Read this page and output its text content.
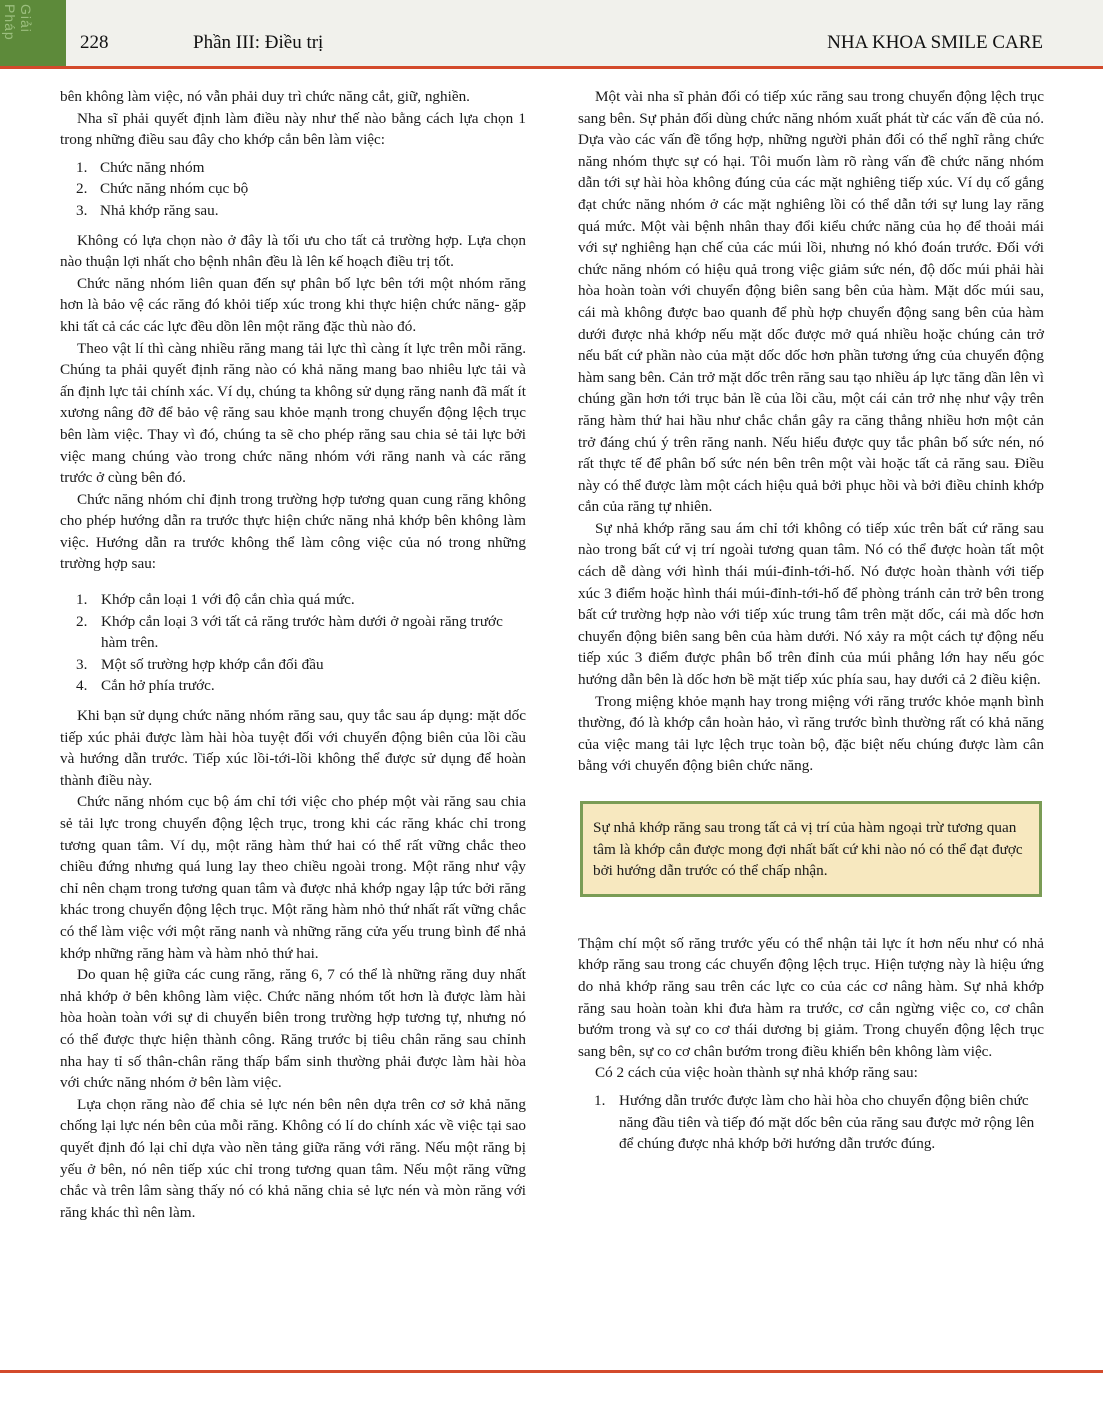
Giải Pháp
228	Phần III: Điều trị	NHA KHOA SMILE CARE

bên không làm việc, nó vẫn phải duy trì chức năng cắt, giữ, nghiền.

Nha sĩ phải quyết định làm điều này như thế nào bằng cách lựa chọn 1 trong những điều sau đây cho khớp cắn bên làm việc:

1. Chức năng nhóm
2. Chức năng nhóm cục bộ
3. Nhả khớp răng sau.

Không có lựa chọn nào ở đây là tối ưu cho tất cả trường hợp. Lựa chọn nào thuận lợi nhất cho bệnh nhân đều là lên kế hoạch điều trị tốt.

Chức năng nhóm liên quan đến sự phân bố lực bên tới một nhóm răng hơn là bảo vệ các răng đó khỏi tiếp xúc trong khi thực hiện chức năng- gặp khi tất cả các các lực đều dồn lên một răng đặc thù nào đó.

Theo vật lí thì càng nhiều răng mang tải lực thì càng ít lực trên mỗi răng. Chúng ta phải quyết định răng nào có khả năng mang bao nhiêu lực tải và ấn định lực tải chính xác. Ví dụ, chúng ta không sử dụng răng nanh đã mất ít xương nâng đỡ để bảo vệ răng sau khỏe mạnh trong chuyển động lệch trục bên làm việc. Thay vì đó, chúng ta sẽ cho phép răng sau chia sẻ tải lực bởi việc mang chúng vào trong chức năng nhóm với răng nanh và các răng trước ở cùng bên đó.

Chức năng nhóm chỉ định trong trường hợp tương quan cung răng không cho phép hướng dẫn ra trước thực hiện chức năng nhả khớp bên không làm việc. Hướng dẫn ra trước không thể làm công việc của nó trong những trường hợp sau:

1. Khớp cắn loại 1 với độ cắn chìa quá mức.
2. Khớp cắn loại 3 với tất cả răng trước hàm dưới ở ngoài răng trước hàm trên.
3. Một số trường hợp khớp cắn đối đầu
4. Cắn hở phía trước.

Khi bạn sử dụng chức năng nhóm răng sau, quy tắc sau áp dụng: mặt dốc tiếp xúc phải được làm hài hòa tuyệt đối với chuyển động biên của lồi cầu và hướng dẫn trước. Tiếp xúc lồi-tới-lồi không thể được sử dụng để hoàn thành điều này.

Chức năng nhóm cục bộ ám chỉ tới việc cho phép một vài răng sau chia sẻ tải lực trong chuyển động lệch trục, trong khi các răng khác chỉ trong tương quan tâm. Ví dụ, một răng hàm thứ hai có thể rất vững chắc theo chiều đứng nhưng quá lung lay theo chiều ngoài trong. Một răng như vậy chỉ nên chạm trong tương quan tâm và được nhả khớp ngay lập tức bởi răng khác trong chuyển động lệch trục. Một răng hàm nhỏ thứ nhất rất vững chắc có thể làm việc với một răng nanh và những răng cửa yếu trung bình để nhả khớp những răng hàm và hàm nhỏ thứ hai.

Do quan hệ giữa các cung răng, răng 6, 7 có thể là những răng duy nhất nhả khớp ở bên không làm việc. Chức năng nhóm tốt hơn là được làm hài hòa hoàn toàn với sự di chuyển biên trong trường hợp tương tự, nhưng nó có thể được thực hiện thành công. Răng trước bị tiêu chân răng sau chỉnh nha hay tỉ số thân-chân răng thấp bẩm sinh thường phải được làm hài hòa với chức năng nhóm ở bên làm việc.

Lựa chọn răng nào để chia sẻ lực nén bên nên dựa trên cơ sở khả năng chống lại lực nén bên của mỗi răng. Không có lí do chính xác về việc tại sao quyết định đó lại chỉ dựa vào nền tảng giữa răng với răng. Nếu một răng bị yếu ở bên, nó nên tiếp xúc chỉ trong tương quan tâm. Nếu một răng vững chắc và trên lâm sàng thấy nó có khả năng chia sẻ lực nén và mòn răng với răng khác thì nên làm.

Một vài nha sĩ phản đối có tiếp xúc răng sau trong chuyển động lệch trục sang bên. Sự phản đối dùng chức năng nhóm xuất phát từ các vấn đề của nó. Dựa vào các vấn đề tổng hợp, những người phản đối có thể nghĩ rằng chức năng nhóm thực sự có hại. Tôi muốn làm rõ ràng vấn đề chức năng nhóm dẫn tới sự hài hòa không đúng của các mặt nghiêng tiếp xúc. Ví dụ cố gắng đạt chức năng nhóm ở các mặt nghiêng lồi có thể dẫn tới sự lung lay răng quá mức. Một vài bệnh nhân thay đổi kiểu chức năng của họ để thoải mái với sự nghiêng hạn chế của các múi lồi, nhưng nó khó đoán trước. Đối với chức năng nhóm có hiệu quả trong việc giảm sức nén, độ dốc múi phải hài hòa hoàn toàn với chuyển động biên sang bên của hàm. Mặt dốc múi sau, cái mà không được bao quanh để phù hợp chuyển động sang bên của hàm dưới được nhả khớp nếu mặt dốc được mở quá nhiều hoặc chúng cản trở nếu bất cứ phần nào của mặt dốc dốc hơn phần tương ứng của chuyển động hàm sang bên. Cản trở mặt dốc trên răng sau tạo nhiều áp lực tăng dần lên vì chúng gần hơn tới trục bản lề của lồi cầu, một cái cản trở nhẹ như vậy trên răng hàm thứ hai hầu như chắc chắn gây ra căng thẳng nhiều hơn một cản trở đáng chú ý trên răng nanh. Nếu hiểu được quy tắc phân bố sức nén, nó rất thực tế để phân bố sức nén bên trên một vài hoặc tất cả răng sau. Điều này có thể được làm một cách hiệu quả bởi phục hồi và bởi điều chỉnh khớp cắn của răng tự nhiên.

Sự nhả khớp răng sau ám chỉ tới không có tiếp xúc trên bất cứ răng sau nào trong bất cứ vị trí ngoài tương quan tâm. Nó có thể được hoàn tất một cách dễ dàng với hình thái múi-đỉnh-tới-hố. Nó được hoàn thành với tiếp xúc 3 điểm hoặc hình thái múi-đỉnh-tới-hố để phòng tránh cản trở bên trong bất cứ trường hợp nào với tiếp xúc trung tâm trên mặt dốc, cái mà dốc hơn chuyển động biên sang bên của hàm dưới. Nó xảy ra một cách tự động nếu tiếp xúc 3 điểm được phân bổ trên đỉnh của múi phẳng lớn hay nếu góc hướng dẫn bên là dốc hơn bề mặt tiếp xúc phía sau, hay dưới cả 2 điều kiện.

Trong miệng khỏe mạnh hay trong miệng với răng trước khỏe mạnh bình thường, đó là khớp cắn hoàn hảo, vì răng trước bình thường rất có khả năng của việc mang tải lực lệch trục toàn bộ, đặc biệt nếu chúng được làm cân bằng với chuyển động biên chức năng.

Sự nhả khớp răng sau trong tất cả vị trí của hàm ngoại trừ tương quan tâm là khớp cắn được mong đợi nhất bất cứ khi nào nó có thể đạt được bởi hướng dẫn trước có thể chấp nhận.

Thậm chí một số răng trước yếu có thể nhận tải lực ít hơn nếu như có nhả khớp răng sau trong các chuyển động lệch trục. Hiện tượng này là hiệu ứng do nhả khớp răng sau trên các lực co của các cơ nâng hàm. Sự nhả khớp răng sau hoàn toàn khi đưa hàm ra trước, cơ cắn ngừng việc co, cơ chân bướm trong và sự co cơ thái dương bị giảm. Trong chuyển động lệch trục sang bên, sự co cơ chân bướm trong điều khiển bên không làm việc.

Có 2 cách của việc hoàn thành sự nhả khớp răng sau:

1. Hướng dẫn trước được làm cho hài hòa cho chuyển động biên chức năng đầu tiên và tiếp đó mặt dốc bên của răng sau được mở rộng lên để chúng được nhả khớp bởi hướng dẫn trước đúng.
